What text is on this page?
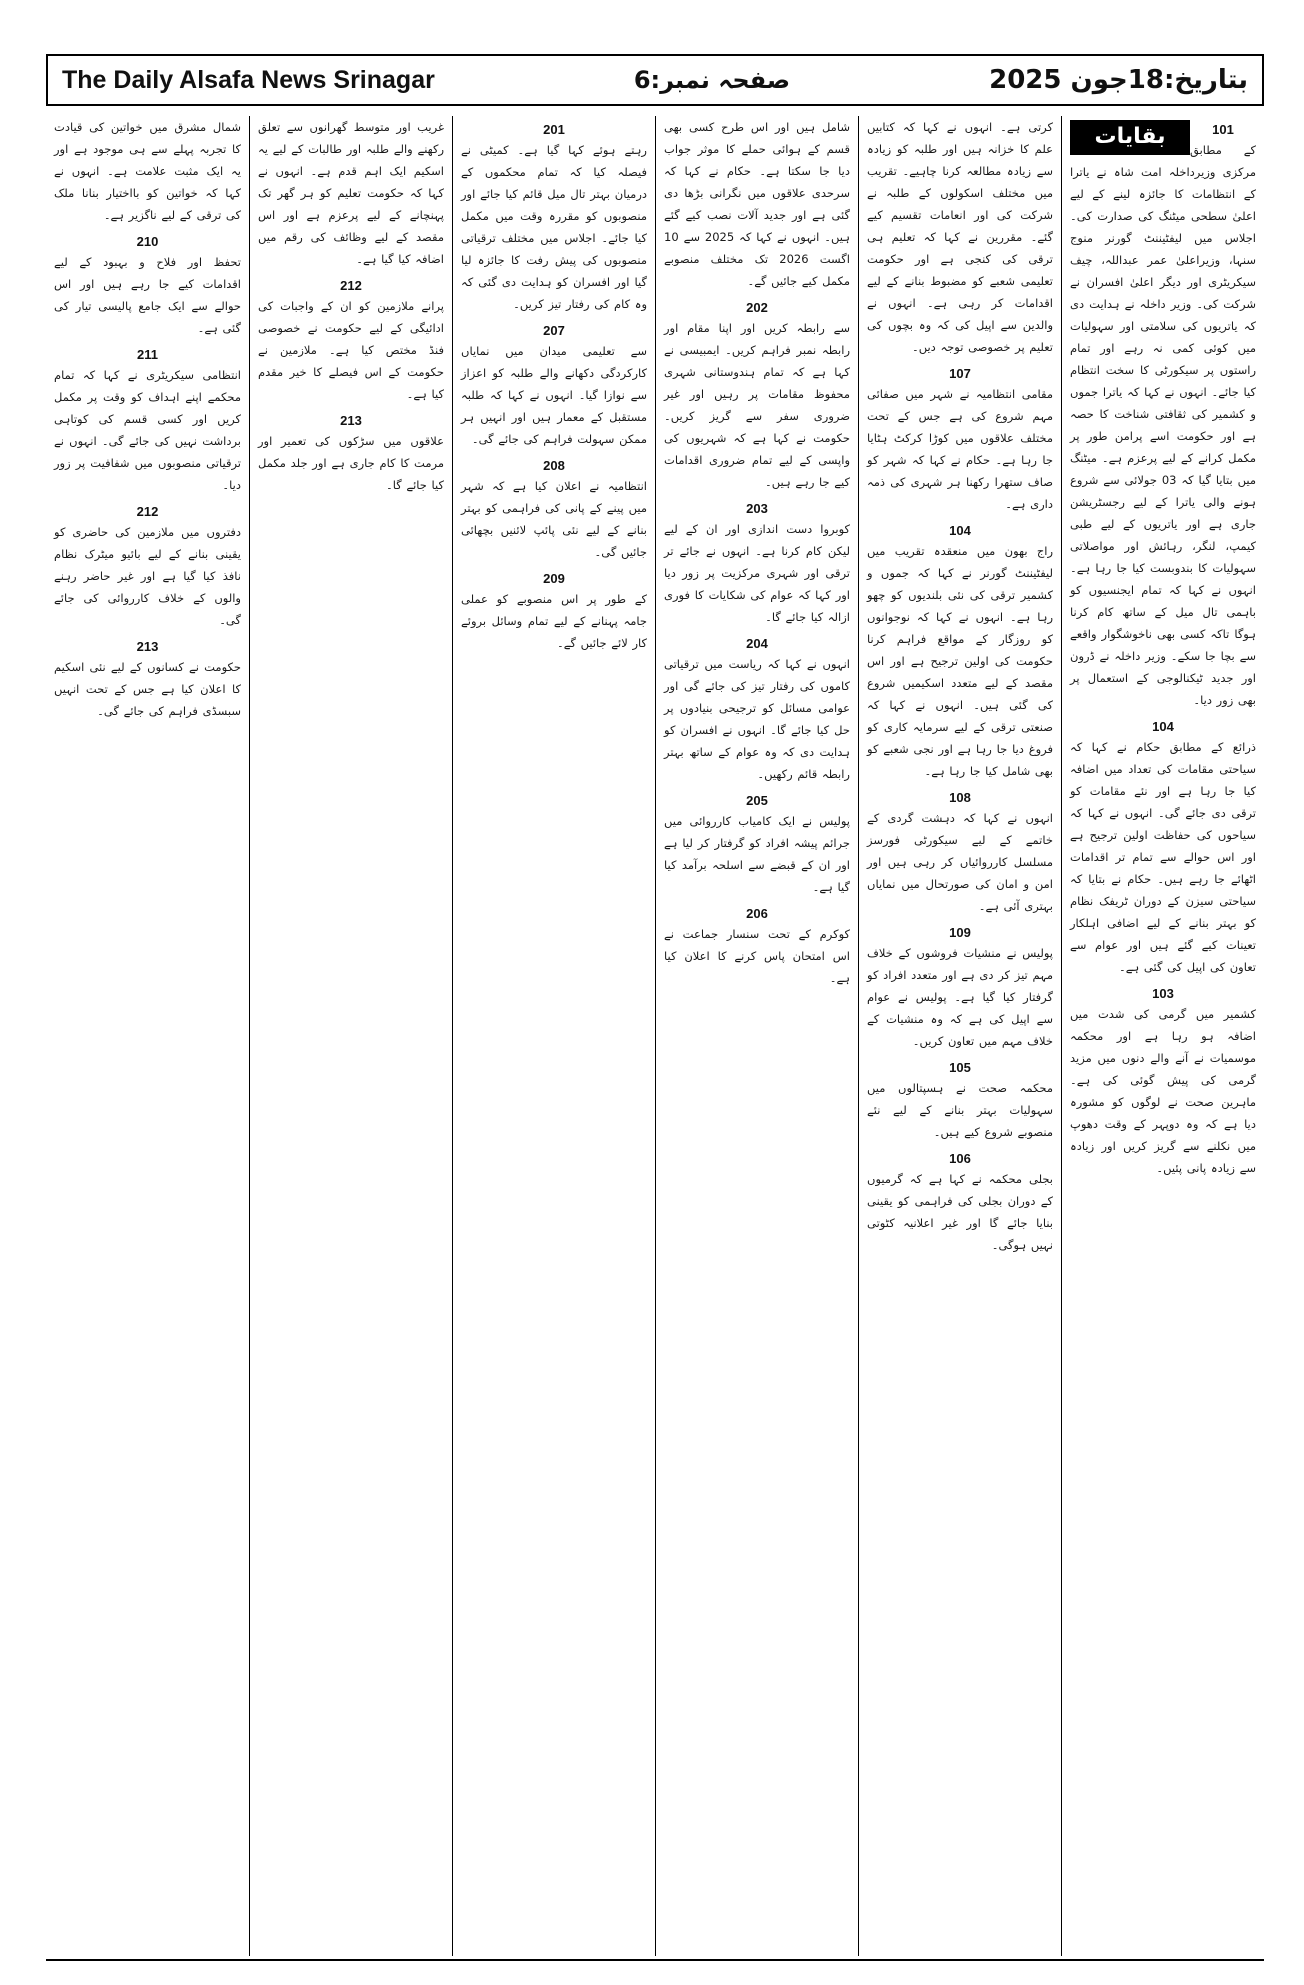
The Daily Alsafa News Srinagar	صفحہ نمبر:6	بتاریخ:18جون 2025
بقایات	101

کے مطابق مرکزی وزیرداخلہ امت شاہ نے یاترا کے انتظامات کا جائزہ لینے کے لیے اعلیٰ سطحی میٹنگ کی صدارت کی۔ اجلاس میں لیفٹیننٹ گورنر منوج سنہا، وزیراعلیٰ عمر عبداللہ، چیف سیکریٹری اور دیگر اعلیٰ افسران نے شرکت کی۔ وزیر داخلہ نے ہدایت دی کہ یاتریوں کی سلامتی اور سہولیات میں کوئی کمی نہ رہے اور تمام راستوں پر سیکورٹی کا سخت انتظام کیا جائے۔ انہوں نے کہا کہ یاترا جموں و کشمیر کی ثقافتی شناخت کا حصہ ہے اور حکومت اسے پرامن طور پر مکمل کرانے کے لیے پرعزم ہے۔ میٹنگ میں بتایا گیا کہ 03 جولائی سے شروع ہونے والی یاترا کے لیے رجسٹریشن جاری ہے اور یاتریوں کے لیے طبی کیمپ، لنگر، رہائش اور مواصلاتی سہولیات کا بندوبست کیا جا رہا ہے۔ انہوں نے کہا کہ تمام ایجنسیوں کو باہمی تال میل کے ساتھ کام کرنا ہوگا تاکہ کسی بھی ناخوشگوار واقعے سے بچا جا سکے۔ وزیر داخلہ نے ڈرون اور جدید ٹیکنالوجی کے استعمال پر بھی زور دیا۔

104

ذرائع کے مطابق حکام نے کہا کہ سیاحتی مقامات کی تعداد میں اضافہ کیا جا رہا ہے اور نئے مقامات کو ترقی دی جائے گی۔ انہوں نے کہا کہ سیاحوں کی حفاظت اولین ترجیح ہے اور اس حوالے سے تمام تر اقدامات اٹھائے جا رہے ہیں۔ حکام نے بتایا کہ سیاحتی سیزن کے دوران ٹریفک نظام کو بہتر بنانے کے لیے اضافی اہلکار تعینات کیے گئے ہیں اور عوام سے تعاون کی اپیل کی گئی ہے۔

103

کشمیر میں گرمی کی شدت میں اضافہ ہو رہا ہے اور محکمہ موسمیات نے آنے والے دنوں میں مزید گرمی کی پیش گوئی کی ہے۔ ماہرین صحت نے لوگوں کو مشورہ دیا ہے کہ وہ دوپہر کے وقت دھوپ میں نکلنے سے گریز کریں اور زیادہ سے زیادہ پانی پئیں۔

کرتی ہے۔ انہوں نے کہا کہ کتابیں علم کا خزانہ ہیں اور طلبہ کو زیادہ سے زیادہ مطالعہ کرنا چاہیے۔ تقریب میں مختلف اسکولوں کے طلبہ نے شرکت کی اور انعامات تقسیم کیے گئے۔ مقررین نے کہا کہ تعلیم ہی ترقی کی کنجی ہے اور حکومت تعلیمی شعبے کو مضبوط بنانے کے لیے اقدامات کر رہی ہے۔ انہوں نے والدین سے اپیل کی کہ وہ بچوں کی تعلیم پر خصوصی توجہ دیں۔

107

مقامی انتظامیہ نے شہر میں صفائی مہم شروع کی ہے جس کے تحت مختلف علاقوں میں کوڑا کرکٹ ہٹایا جا رہا ہے۔ حکام نے کہا کہ شہر کو صاف ستھرا رکھنا ہر شہری کی ذمہ داری ہے۔

104

راج بھون میں منعقدہ تقریب میں لیفٹیننٹ گورنر نے کہا کہ جموں و کشمیر ترقی کی نئی بلندیوں کو چھو رہا ہے۔ انہوں نے کہا کہ نوجوانوں کو روزگار کے مواقع فراہم کرنا حکومت کی اولین ترجیح ہے اور اس مقصد کے لیے متعدد اسکیمیں شروع کی گئی ہیں۔ انہوں نے کہا کہ صنعتی ترقی کے لیے سرمایہ کاری کو فروغ دیا جا رہا ہے اور نجی شعبے کو بھی شامل کیا جا رہا ہے۔

108

انہوں نے کہا کہ دہشت گردی کے خاتمے کے لیے سیکورٹی فورسز مسلسل کارروائیاں کر رہی ہیں اور امن و امان کی صورتحال میں نمایاں بہتری آئی ہے۔

109

پولیس نے منشیات فروشوں کے خلاف مہم تیز کر دی ہے اور متعدد افراد کو گرفتار کیا گیا ہے۔ پولیس نے عوام سے اپیل کی ہے کہ وہ منشیات کے خلاف مہم میں تعاون کریں۔

105

محکمہ صحت نے ہسپتالوں میں سہولیات بہتر بنانے کے لیے نئے منصوبے شروع کیے ہیں۔

106

بجلی محکمہ نے کہا ہے کہ گرمیوں کے دوران بجلی کی فراہمی کو یقینی بنایا جائے گا اور غیر اعلانیہ کٹوتی نہیں ہوگی۔

شامل ہیں اور اس طرح کسی بھی قسم کے ہوائی حملے کا موثر جواب دیا جا سکتا ہے۔ حکام نے کہا کہ سرحدی علاقوں میں نگرانی بڑھا دی گئی ہے اور جدید آلات نصب کیے گئے ہیں۔ انہوں نے کہا کہ 2025 سے 10 اگست 2026 تک مختلف منصوبے مکمل کیے جائیں گے۔

202

سے رابطہ کریں اور اپنا مقام اور رابطہ نمبر فراہم کریں۔ ایمبیسی نے کہا ہے کہ تمام ہندوستانی شہری محفوظ مقامات پر رہیں اور غیر ضروری سفر سے گریز کریں۔ حکومت نے کہا ہے کہ شہریوں کی واپسی کے لیے تمام ضروری اقدامات کیے جا رہے ہیں۔

203

کوبروا دست اندازی اور ان کے لیے لیکن کام کرنا ہے۔ انہوں نے جائے تر ترقی اور شہری مرکزیت پر زور دیا اور کہا کہ عوام کی شکایات کا فوری ازالہ کیا جائے گا۔

204

انہوں نے کہا کہ ریاست میں ترقیاتی کاموں کی رفتار تیز کی جائے گی اور عوامی مسائل کو ترجیحی بنیادوں پر حل کیا جائے گا۔ انہوں نے افسران کو ہدایت دی کہ وہ عوام کے ساتھ بہتر رابطہ قائم رکھیں۔

205

پولیس نے ایک کامیاب کارروائی میں جرائم پیشہ افراد کو گرفتار کر لیا ہے اور ان کے قبضے سے اسلحہ برآمد کیا گیا ہے۔

206

کوکرم کے تحت سنسار جماعت نے اس امتحان پاس کرنے کا اعلان کیا ہے۔

201

رہتے ہوئے کہا گیا ہے۔ کمیٹی نے فیصلہ کیا کہ تمام محکموں کے درمیان بہتر تال میل قائم کیا جائے اور منصوبوں کو مقررہ وقت میں مکمل کیا جائے۔ اجلاس میں مختلف ترقیاتی منصوبوں کی پیش رفت کا جائزہ لیا گیا اور افسران کو ہدایت دی گئی کہ وہ کام کی رفتار تیز کریں۔

207

سے تعلیمی میدان میں نمایاں کارکردگی دکھانے والے طلبہ کو اعزاز سے نوازا گیا۔ انہوں نے کہا کہ طلبہ مستقبل کے معمار ہیں اور انہیں ہر ممکن سہولت فراہم کی جائے گی۔

208

انتظامیہ نے اعلان کیا ہے کہ شہر میں پینے کے پانی کی فراہمی کو بہتر بنانے کے لیے نئی پائپ لائنیں بچھائی جائیں گی۔

209

کے طور پر اس منصوبے کو عملی جامہ پہنانے کے لیے تمام وسائل بروئے کار لائے جائیں گے۔

غریب اور متوسط گھرانوں سے تعلق رکھنے والے طلبہ اور طالبات کے لیے یہ اسکیم ایک اہم قدم ہے۔ انہوں نے کہا کہ حکومت تعلیم کو ہر گھر تک پہنچانے کے لیے پرعزم ہے اور اس مقصد کے لیے وظائف کی رقم میں اضافہ کیا گیا ہے۔

212

پرانے ملازمین کو ان کے واجبات کی ادائیگی کے لیے حکومت نے خصوصی فنڈ مختص کیا ہے۔ ملازمین نے حکومت کے اس فیصلے کا خیر مقدم کیا ہے۔

213

علاقوں میں سڑکوں کی تعمیر اور مرمت کا کام جاری ہے اور جلد مکمل کیا جائے گا۔

شمال مشرق میں خواتین کی قیادت کا تجربہ پہلے سے ہی موجود ہے اور یہ ایک مثبت علامت ہے۔ انہوں نے کہا کہ خواتین کو بااختیار بنانا ملک کی ترقی کے لیے ناگزیر ہے۔

210

تحفظ اور فلاح و بہبود کے لیے اقدامات کیے جا رہے ہیں اور اس حوالے سے ایک جامع پالیسی تیار کی گئی ہے۔

211

انتظامی سیکریٹری نے کہا کہ تمام محکمے اپنے اہداف کو وقت پر مکمل کریں اور کسی قسم کی کوتاہی برداشت نہیں کی جائے گی۔ انہوں نے ترقیاتی منصوبوں میں شفافیت پر زور دیا۔

212

دفتروں میں ملازمین کی حاضری کو یقینی بنانے کے لیے بائیو میٹرک نظام نافذ کیا گیا ہے اور غیر حاضر رہنے والوں کے خلاف کارروائی کی جائے گی۔

213

حکومت نے کسانوں کے لیے نئی اسکیم کا اعلان کیا ہے جس کے تحت انہیں سبسڈی فراہم کی جائے گی۔
